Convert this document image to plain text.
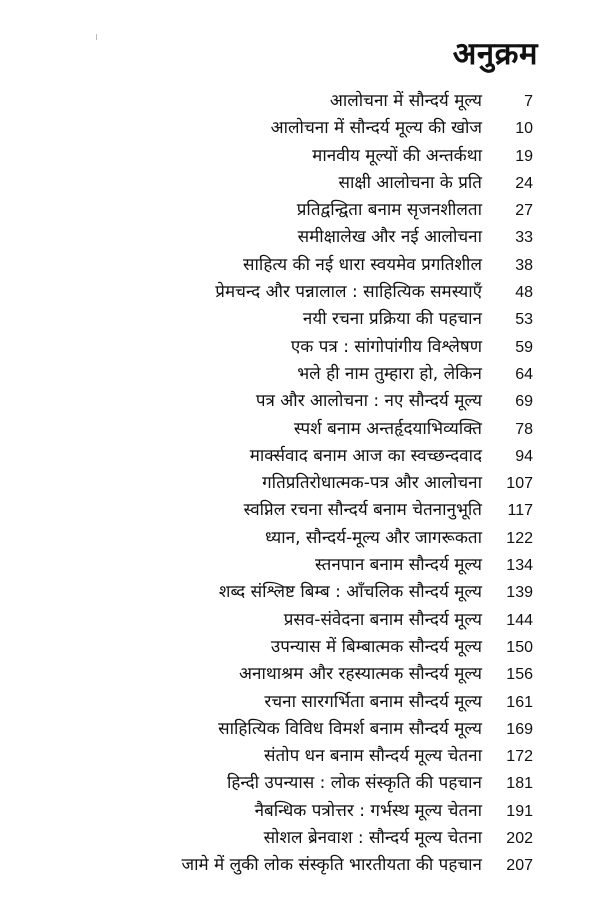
अनुक्रम
आलोचना में सौन्दर्य मूल्य	7
आलोचना में सौन्दर्य मूल्य की खोज 10
मानवीय मूल्यों की अन्तर्कथा 19
साक्षी आलोचना के प्रति 24
प्रतिद्वन्द्विता बनाम सृजनशीलता 27
समीक्षालेख और नई आलोचना 33
साहित्य की नई धारा स्वयमेव प्रगतिशील 38
प्रेमचन्द और पन्नालाल : साहित्यिक समस्याएँ 48
नयी रचना प्रक्रिया की पहचान 53
एक पत्र : सांगोपांगीय विश्लेषण 59
भले ही नाम तुम्हारा हो, लेकिन 64
पत्र और आलोचना : नए सौन्दर्य मूल्य 69
स्पर्श बनाम अन्तर्हृदयाभिव्यक्ति 78
मार्क्सवाद बनाम आज का स्वच्छन्दवाद 94
गतिप्रतिरोधात्मक-पत्र और आलोचना 107
स्वप्निल रचना सौन्दर्य बनाम चेतनानुभूति 117
ध्यान, सौन्दर्य-मूल्य और जागरूकता 122
स्तनपान बनाम सौन्दर्य मूल्य 134
शब्द संश्लिष्ट बिम्ब : आँचलिक सौन्दर्य मूल्य 139
प्रसव-संवेदना बनाम सौन्दर्य मूल्य 144
उपन्यास में बिम्बात्मक सौन्दर्य मूल्य 150
अनाथाश्रम और रहस्यात्मक सौन्दर्य मूल्य 156
रचना सारगर्भिता बनाम सौन्दर्य मूल्य 161
साहित्यिक विविध विमर्श बनाम सौन्दर्य मूल्य 169
संतोप धन बनाम सौन्दर्य मूल्य चेतना 172
हिन्दी उपन्यास : लोक संस्कृति की पहचान 181
नैबन्धिक पत्रोत्तर : गर्भस्थ मूल्य चेतना 191
सोशल ब्रेनवाश : सौन्दर्य मूल्य चेतना 202
जामे में लुकी लोक संस्कृति भारतीयता की पहचान 207
